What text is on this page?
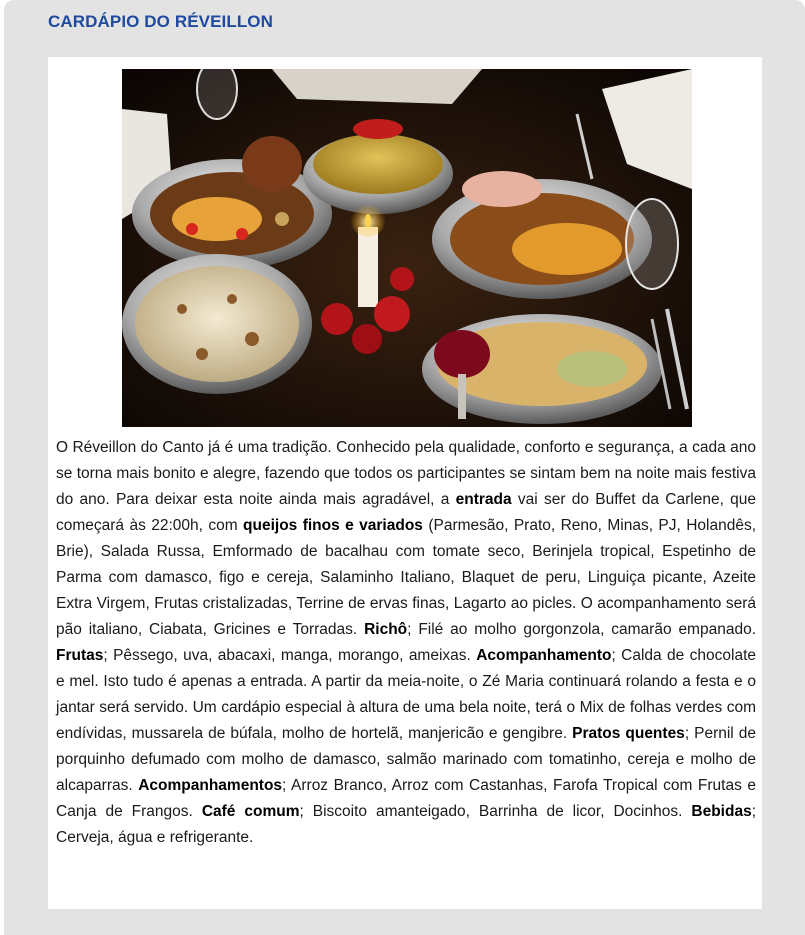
CARDÁPIO DO RÉVEILLON

O Réveillon do Canto já é uma tradição. Conhecido pela qualidade, conforto e segurança, a cada ano se torna mais bonito e alegre, fazendo que todos os participantes se sintam bem na noite mais festiva do ano. Para deixar esta noite ainda mais agradável, a entrada vai ser do Buffet da Carlene, que começará às 22:00h, com queijos finos e variados (Parmesão, Prato, Reno, Minas, PJ, Holandês, Brie), Salada Russa, Emformado de bacalhau com tomate seco, Berinjela tropical, Espetinho de Parma com damasco, figo e cereja, Salaminho Italiano, Blaquet de peru, Linguiça picante, Azeite Extra Virgem, Frutas cristalizadas, Terrine de ervas finas, Lagarto ao picles. O acompanhamento será pão italiano, Ciabata, Gricines e Torradas. Richô; Filé ao molho gorgonzola, camarão empanado. Frutas; Pêssego, uva, abacaxi, manga, morango, ameixas. Acompanhamento; Calda de chocolate e mel. Isto tudo é apenas a entrada. A partir da meia-noite, o Zé Maria continuará rolando a festa e o jantar será servido. Um cardápio especial à altura de uma bela noite, terá o Mix de folhas verdes com endívidas, mussarela de búfala, molho de hortelã, manjericão e gengibre. Pratos quentes; Pernil de porquinho defumado com molho de damasco, salmão marinado com tomatinho, cereja e molho de alcaparras. Acompanhamentos; Arroz Branco, Arroz com Castanhas, Farofa Tropical com Frutas e Canja de Frangos. Café comum; Biscoito amanteigado, Barrinha de licor, Docinhos. Bebidas; Cerveja, água e refrigerante.
